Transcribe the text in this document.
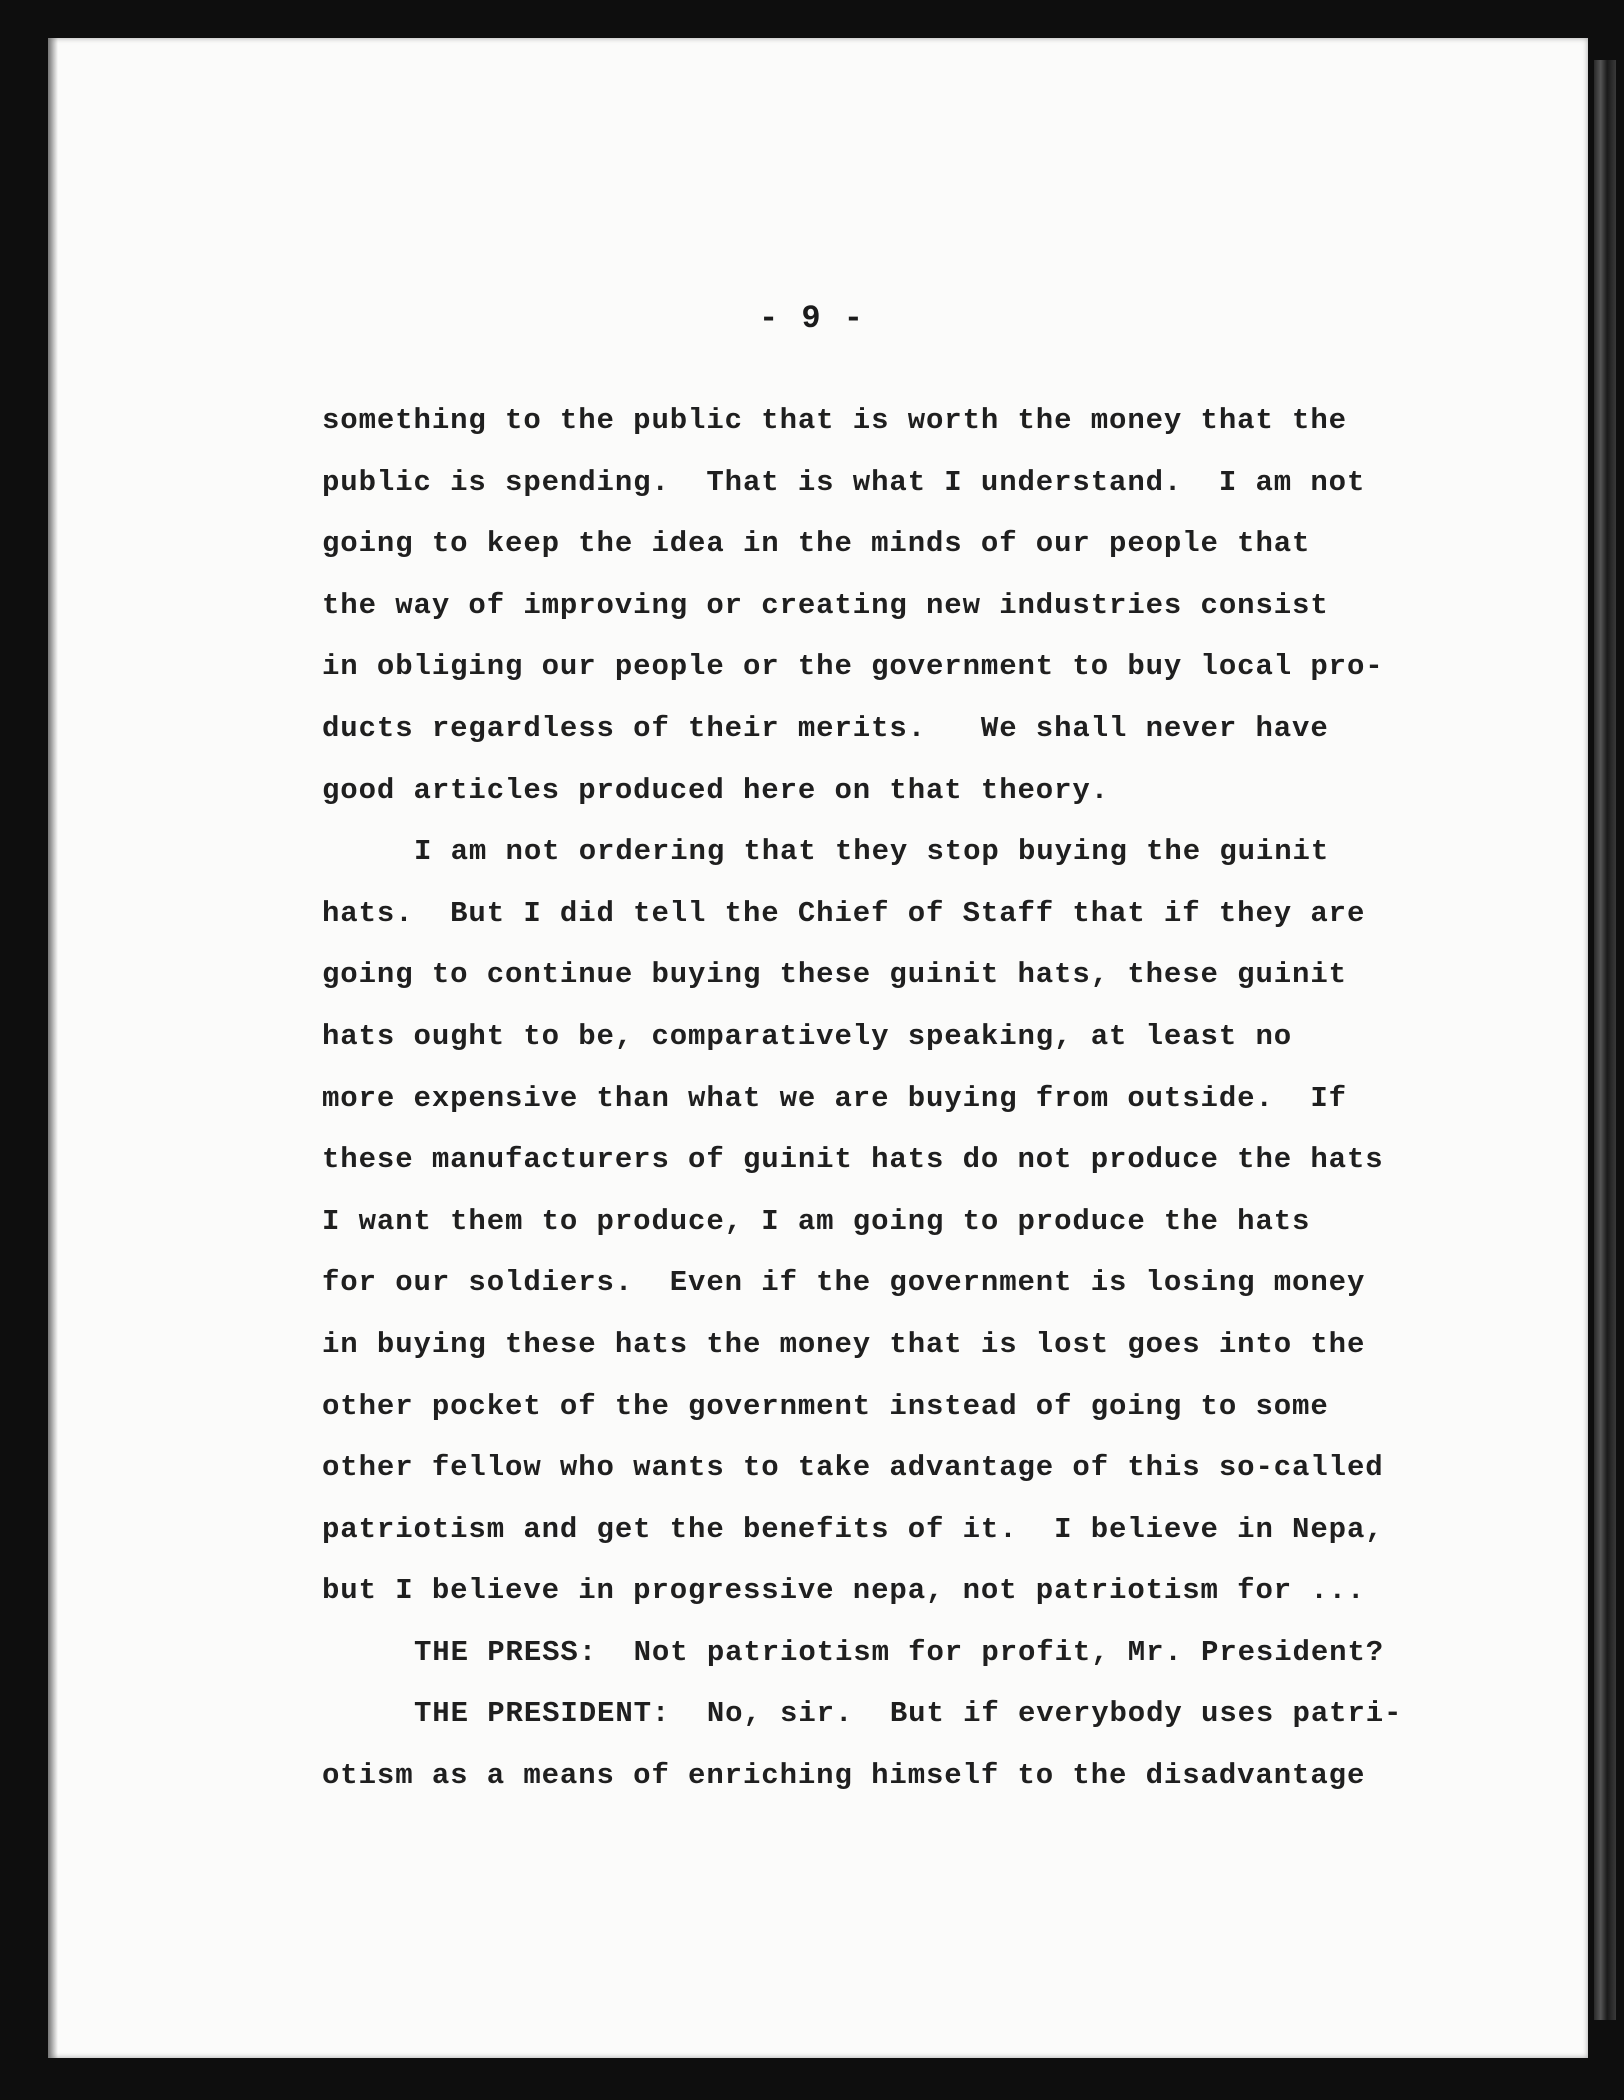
- 9 -
something to the public that is worth the money that the
public is spending.  That is what I understand.  I am not
going to keep the idea in the minds of our people that
the way of improving or creating new industries consist
in obliging our people or the government to buy local pro-
ducts regardless of their merits.   We shall never have
good articles produced here on that theory.
I am not ordering that they stop buying the guinit
hats.  But I did tell the Chief of Staff that if they are
going to continue buying these guinit hats, these guinit
hats ought to be, comparatively speaking, at least no
more expensive than what we are buying from outside.  If
these manufacturers of guinit hats do not produce the hats
I want them to produce, I am going to produce the hats
for our soldiers.  Even if the government is losing money
in buying these hats the money that is lost goes into the
other pocket of the government instead of going to some
other fellow who wants to take advantage of this so-called
patriotism and get the benefits of it.  I believe in Nepa,
but I believe in progressive nepa, not patriotism for ...
THE PRESS:  Not patriotism for profit, Mr. President?
THE PRESIDENT:  No, sir.  But if everybody uses patri-
otism as a means of enriching himself to the disadvantage
